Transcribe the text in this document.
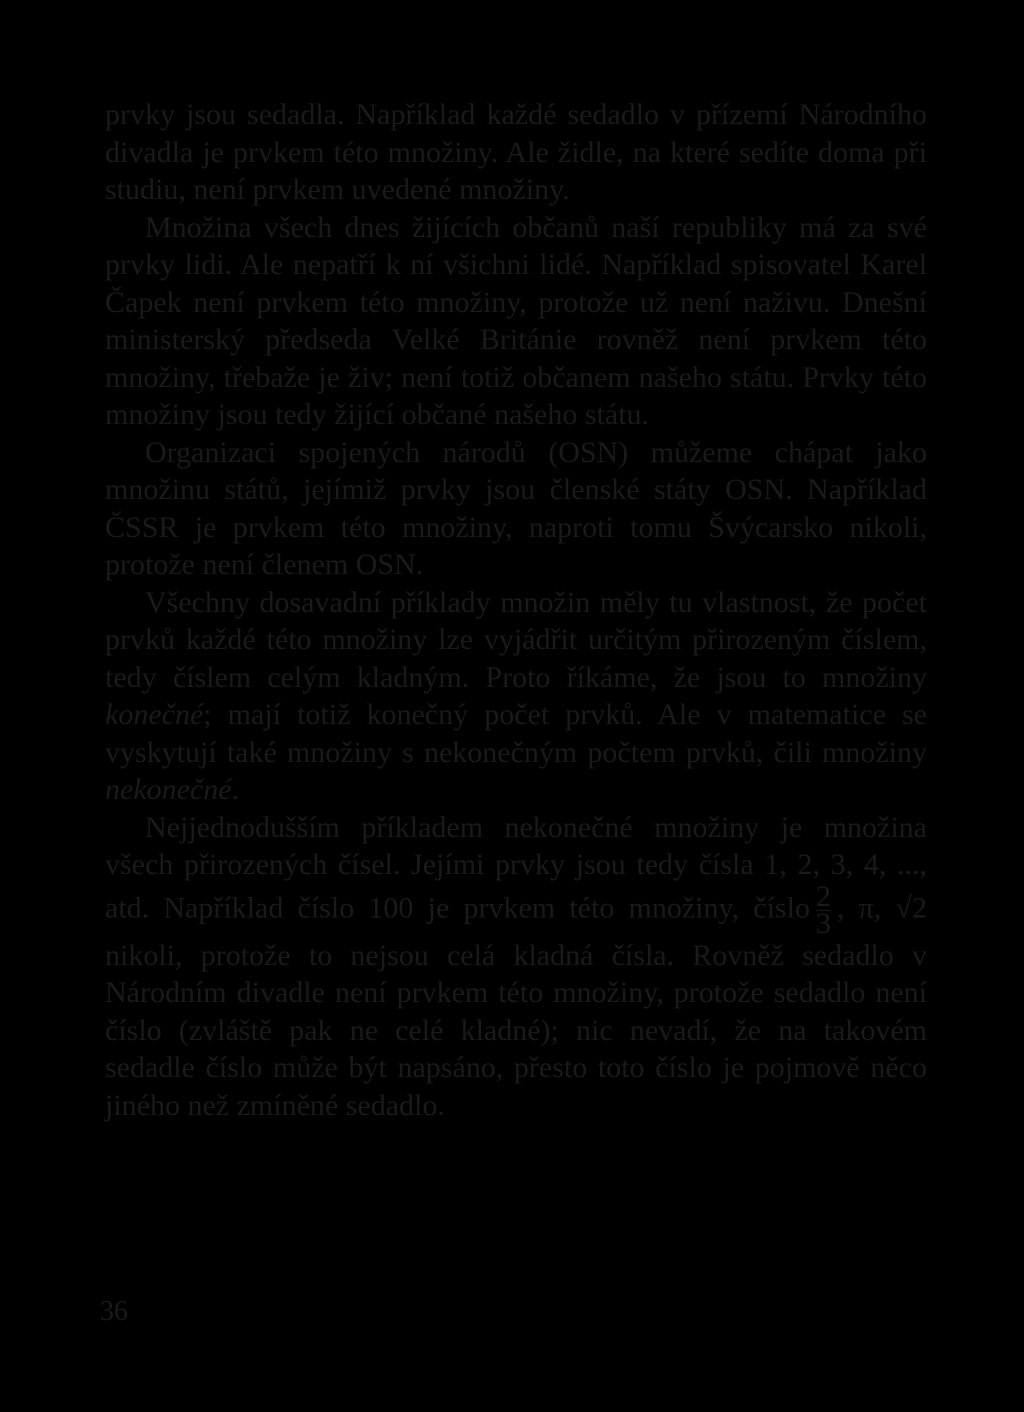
prvky jsou sedadla. Například každé sedadlo v přízemí Národního divadla je prvkem této množiny. Ale židle, na které sedíte doma při studiu, není prvkem uvedené množiny.

Množina všech dnes žijících občanů naší republiky má za své prvky lidi. Ale nepatří k ní všichni lidé. Například spisovatel Karel Čapek není prvkem této množiny, protože už není naživu. Dnešní ministerský předseda Velké Británie rovněž není prvkem této množiny, třebaže je živ; není totiž občanem našeho státu. Prvky této množiny jsou tedy žijící občané našeho státu.

Organizaci spojených národů (OSN) můžeme chápat jako množinu států, jejímiž prvky jsou členské státy OSN. Například ČSSR je prvkem této množiny, naproti tomu Švýcarsko nikoli, protože není členem OSN.

Všechny dosavadní příklady množin měly tu vlastnost, že počet prvků každé této množiny lze vyjádřit určitým přirozeným číslem, tedy číslem celým kladným. Proto říkáme, že jsou to množiny konečné; mají totiž konečný počet prvků. Ale v matematice se vyskytují také množiny s nekonečným počtem prvků, čili množiny nekonečné.

Nejjednodušším příkladem nekonečné množiny je množina všech přirozených čísel. Jejími prvky jsou tedy čísla 1, 2, 3, 4, ..., atd. Například číslo 100 je prvkem této množiny, číslo $\frac{2}{3}$ , π, √2 nikoli, protože to nejsou celá kladná čísla. Rovněž sedadlo v Národním divadle není prvkem této množiny, protože sedadlo není číslo (zvláště pak ne celé kladné); nic nevadí, že na takovém sedadle číslo může být napsáno, přesto toto číslo je pojmově něco jiného než zmíněné sedadlo.

36
